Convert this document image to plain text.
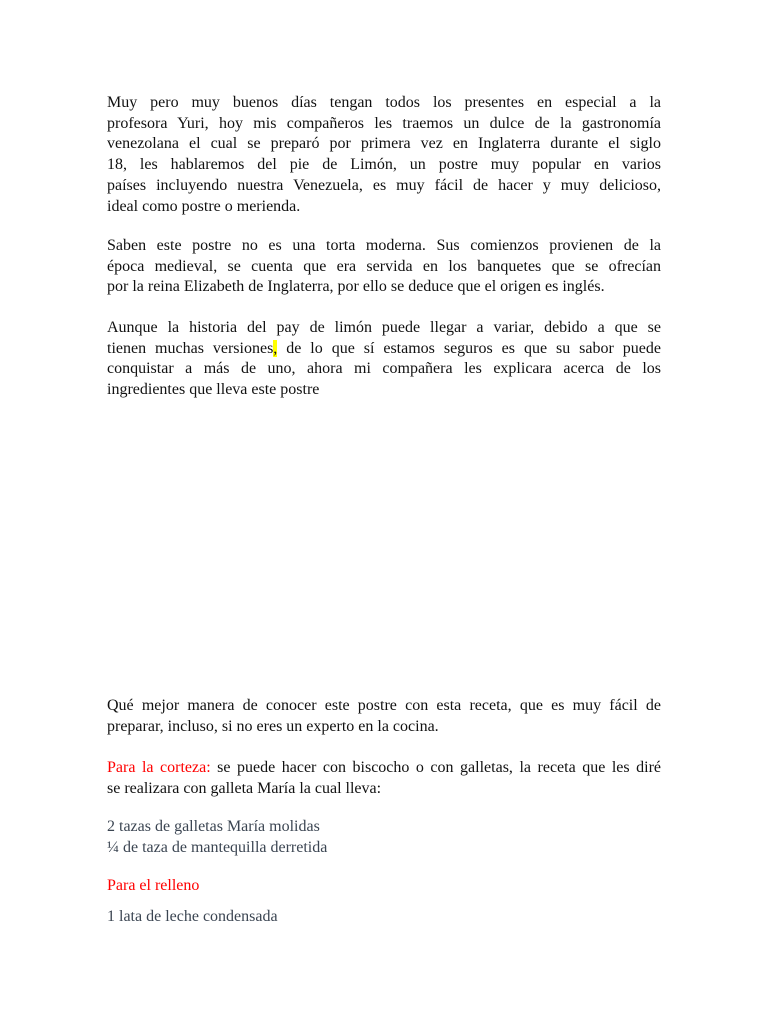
Muy pero muy buenos días tengan todos los presentes en especial a la
profesora Yuri, hoy mis compañeros les traemos un dulce de la gastronomía
venezolana el cual se preparó por primera vez en Inglaterra durante el siglo
18, les hablaremos del pie de Limón, un postre muy popular en varios
países incluyendo nuestra Venezuela, es muy fácil de hacer y muy delicioso,
ideal como postre o merienda.
Saben este postre no es una torta moderna. Sus comienzos provienen de la
época medieval, se cuenta que era servida en los banquetes que se ofrecían
por la reina Elizabeth de Inglaterra, por ello se deduce que el origen es inglés.
Aunque la historia del pay de limón puede llegar a variar, debido a que se
tienen muchas versiones, de lo que sí estamos seguros es que su sabor puede
conquistar a más de uno, ahora mi compañera les explicara acerca de los
ingredientes que lleva este postre
Qué mejor manera de conocer este postre con esta receta, que es muy fácil de
preparar, incluso, si no eres un experto en la cocina.
Para la corteza: se puede hacer con biscocho o con galletas, la receta que les diré
se realizara con galleta María la cual lleva:
2 tazas de galletas María molidas
¼ de taza de mantequilla derretida
Para el relleno
1 lata de leche condensada
